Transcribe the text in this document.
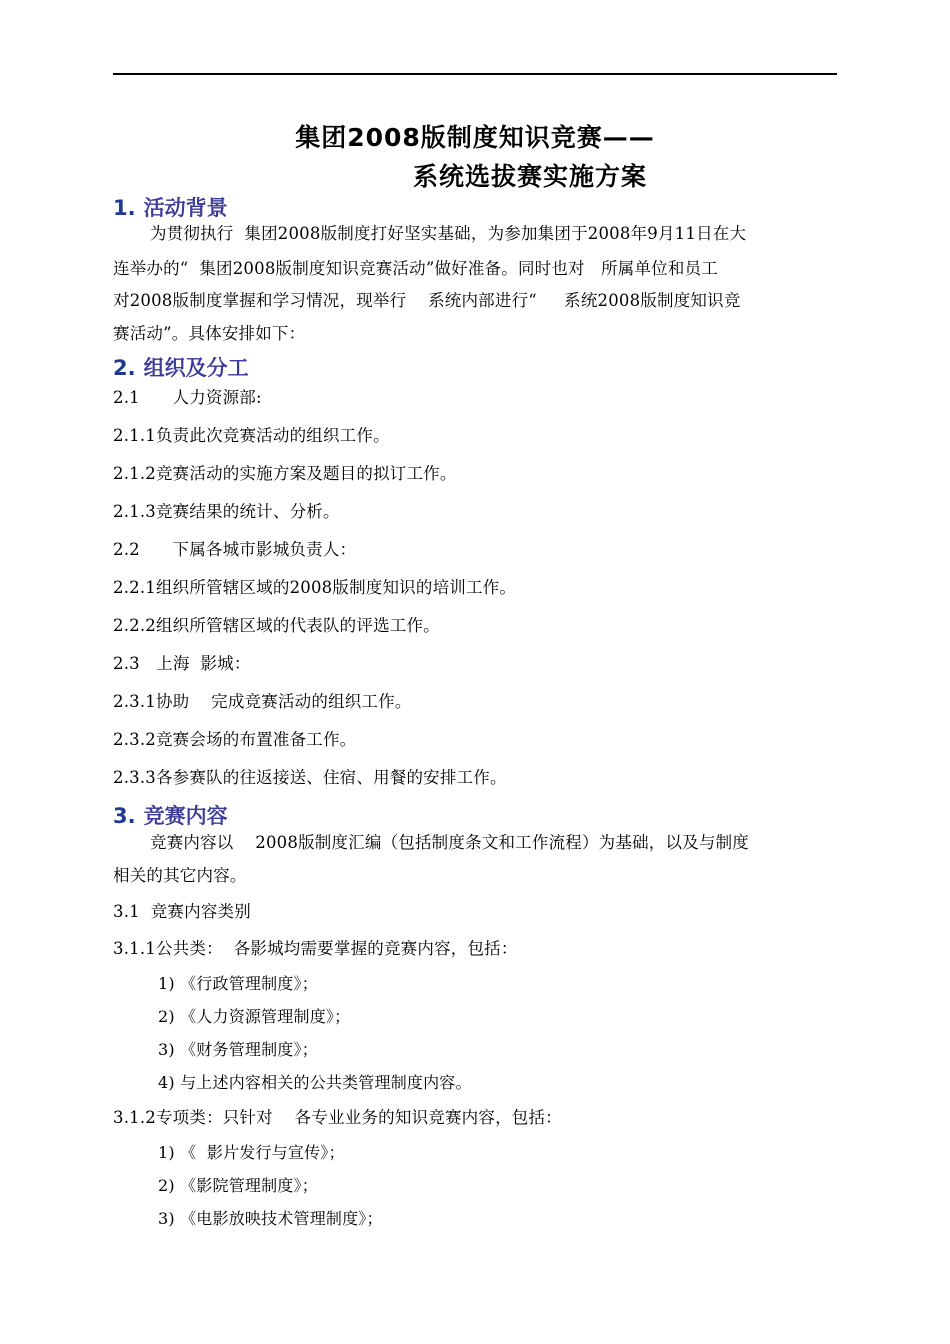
集团2008版制度知识竞赛——
系统选拔赛实施方案
1. 活动背景
为贯彻执行  集团2008版制度打好坚实基础，为参加集团于2008年9月11日在大
连举办的“  集团2008版制度知识竞赛活动”做好准备。同时也对   所属单位和员工
对2008版制度掌握和学习情况，现举行    系统内部进行“     系统2008版制度知识竞
赛活动”。具体安排如下：
2. 组织及分工
2.1      人力资源部:
2.1.1负责此次竞赛活动的组织工作。
2.1.2竞赛活动的实施方案及题目的拟订工作。
2.1.3竞赛结果的统计、分析。
2.2      下属各城市影城负责人：
2.2.1组织所管辖区域的2008版制度知识的培训工作。
2.2.2组织所管辖区域的代表队的评选工作。
2.3   上海  影城：
2.3.1协助    完成竞赛活动的组织工作。
2.3.2竞赛会场的布置准备工作。
2.3.3各参赛队的往返接送、住宿、用餐的安排工作。
3. 竞赛内容
竞赛内容以    2008版制度汇编（包括制度条文和工作流程）为基础，以及与制度
相关的其它内容。
3.1  竞赛内容类别
3.1.1公共类：  各影城均需要掌握的竞赛内容，包括：
1) 《行政管理制度》；
2) 《人力资源管理制度》；
3) 《财务管理制度》；
4) 与上述内容相关的公共类管理制度内容。
3.1.2专项类：只针对    各专业业务的知识竞赛内容，包括：
1) 《  影片发行与宣传》；
2) 《影院管理制度》；
3) 《电影放映技术管理制度》；
